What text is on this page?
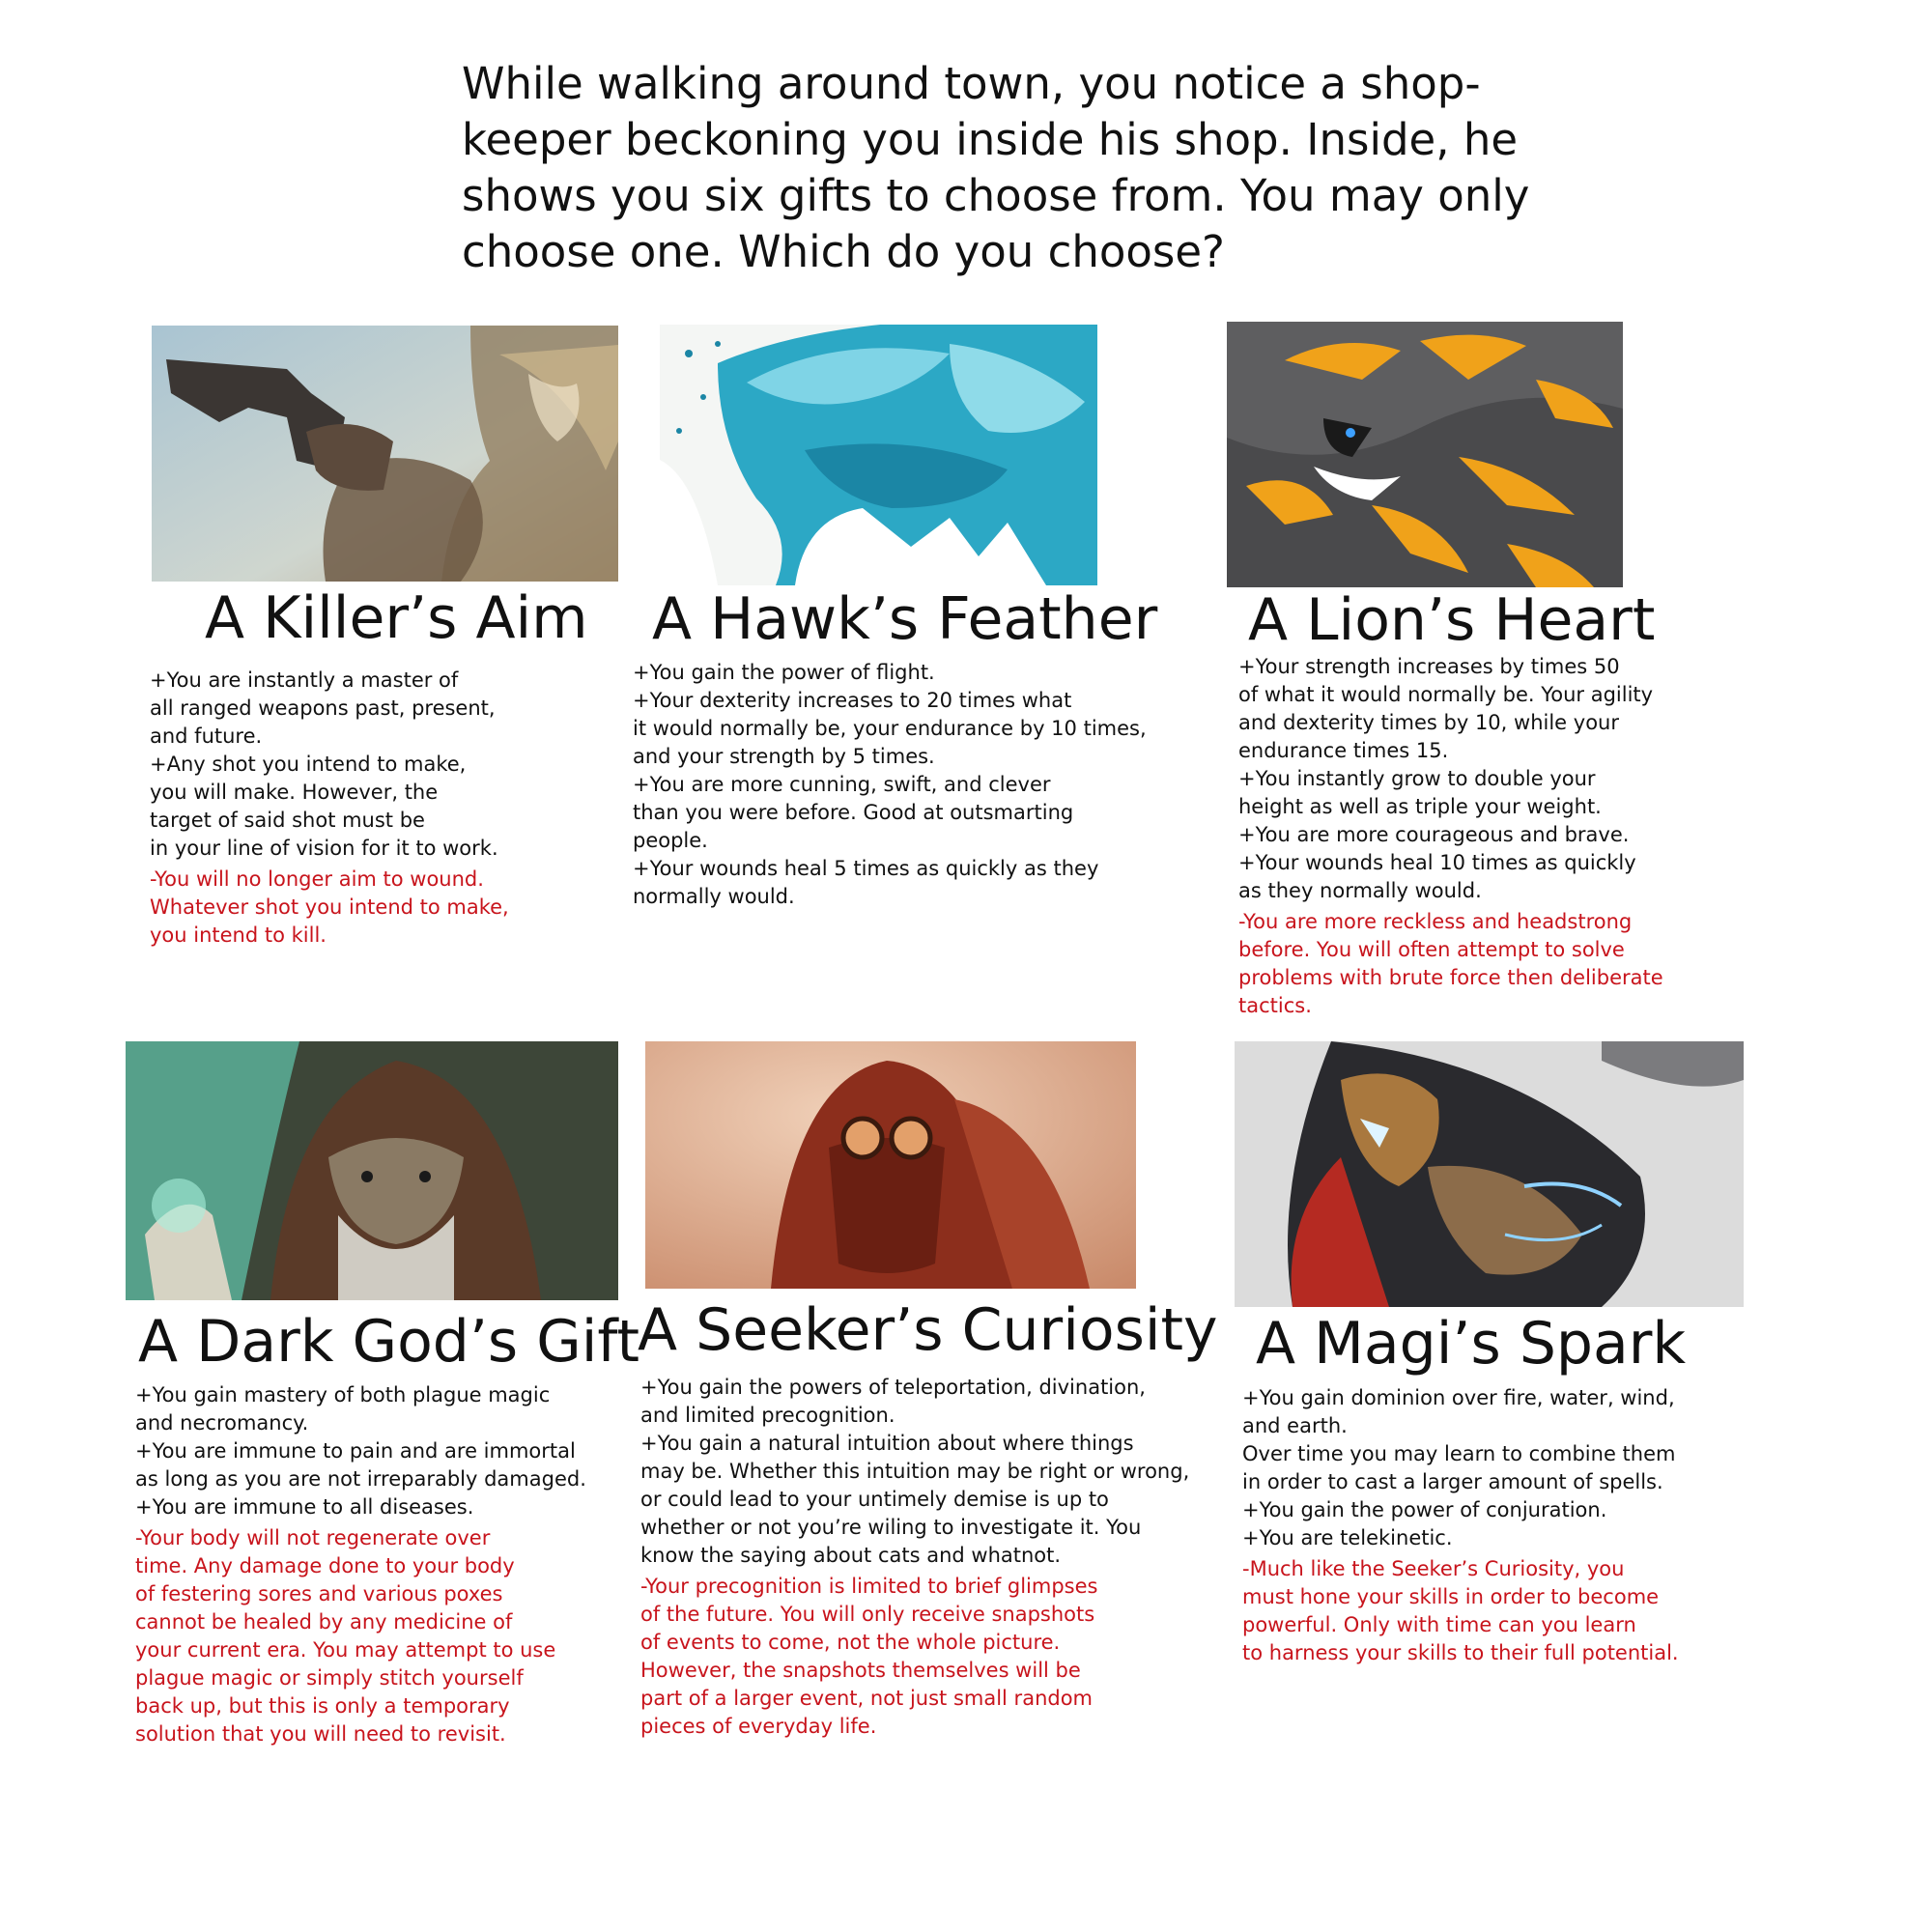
While walking around town, you notice a shop-
keeper beckoning you inside his shop. Inside, he
shows you six gifts to choose from. You may only
choose one. Which do you choose?
A Killer’s Aim
+You are instantly a master of
all ranged weapons past, present,
and future.
+Any shot you intend to make,
you will make. However, the
target of said shot must be
in your line of vision for it to work.
-You will no longer aim to wound.
Whatever shot you intend to make,
you intend to kill.
A Hawk’s Feather
+You gain the power of flight.
+Your dexterity increases to 20 times what
it would normally be, your endurance by 10 times,
and your strength by 5 times.
+You are more cunning, swift, and clever
than you were before. Good at outsmarting
people.
+Your wounds heal 5 times as quickly as they
normally would.
A Lion’s Heart
+Your strength increases by times 50
of what it would normally be. Your agility
and dexterity times by 10, while your
endurance times 15.
+You instantly grow to double your
height as well as triple your weight.
+You are more courageous and brave.
+Your wounds heal 10 times as quickly
as they normally would.
-You are more reckless and headstrong
before. You will often attempt to solve
problems with brute force then deliberate
tactics.
A Dark God’s Gift
+You gain mastery of both plague magic
and necromancy.
+You are immune to pain and are immortal
as long as you are not irreparably damaged.
+You are immune to all diseases.
-Your body will not regenerate over
time. Any damage done to your body
of festering sores and various poxes
cannot be healed by any medicine of
your current era. You may attempt to use
plague magic or simply stitch yourself
back up, but this is only a temporary
solution that you will need to revisit.
A Seeker’s Curiosity
+You gain the powers of teleportation, divination,
and limited precognition.
+You gain a natural intuition about where things
may be. Whether this intuition may be right or wrong,
or could lead to your untimely demise is up to
whether or not you’re wiling to investigate it. You
know the saying about cats and whatnot.
-Your precognition is limited to brief glimpses
of the future. You will only receive snapshots
of events to come, not the whole picture.
However, the snapshots themselves will be
part of a larger event, not just small random
pieces of everyday life.
A Magi’s Spark
+You gain dominion over fire, water, wind,
and earth.
Over time you may learn to combine them
in order to cast a larger amount of spells.
+You gain the power of conjuration.
+You are telekinetic.
-Much like the Seeker’s Curiosity, you
must hone your skills in order to become
powerful. Only with time can you learn
to harness your skills to their full potential.
